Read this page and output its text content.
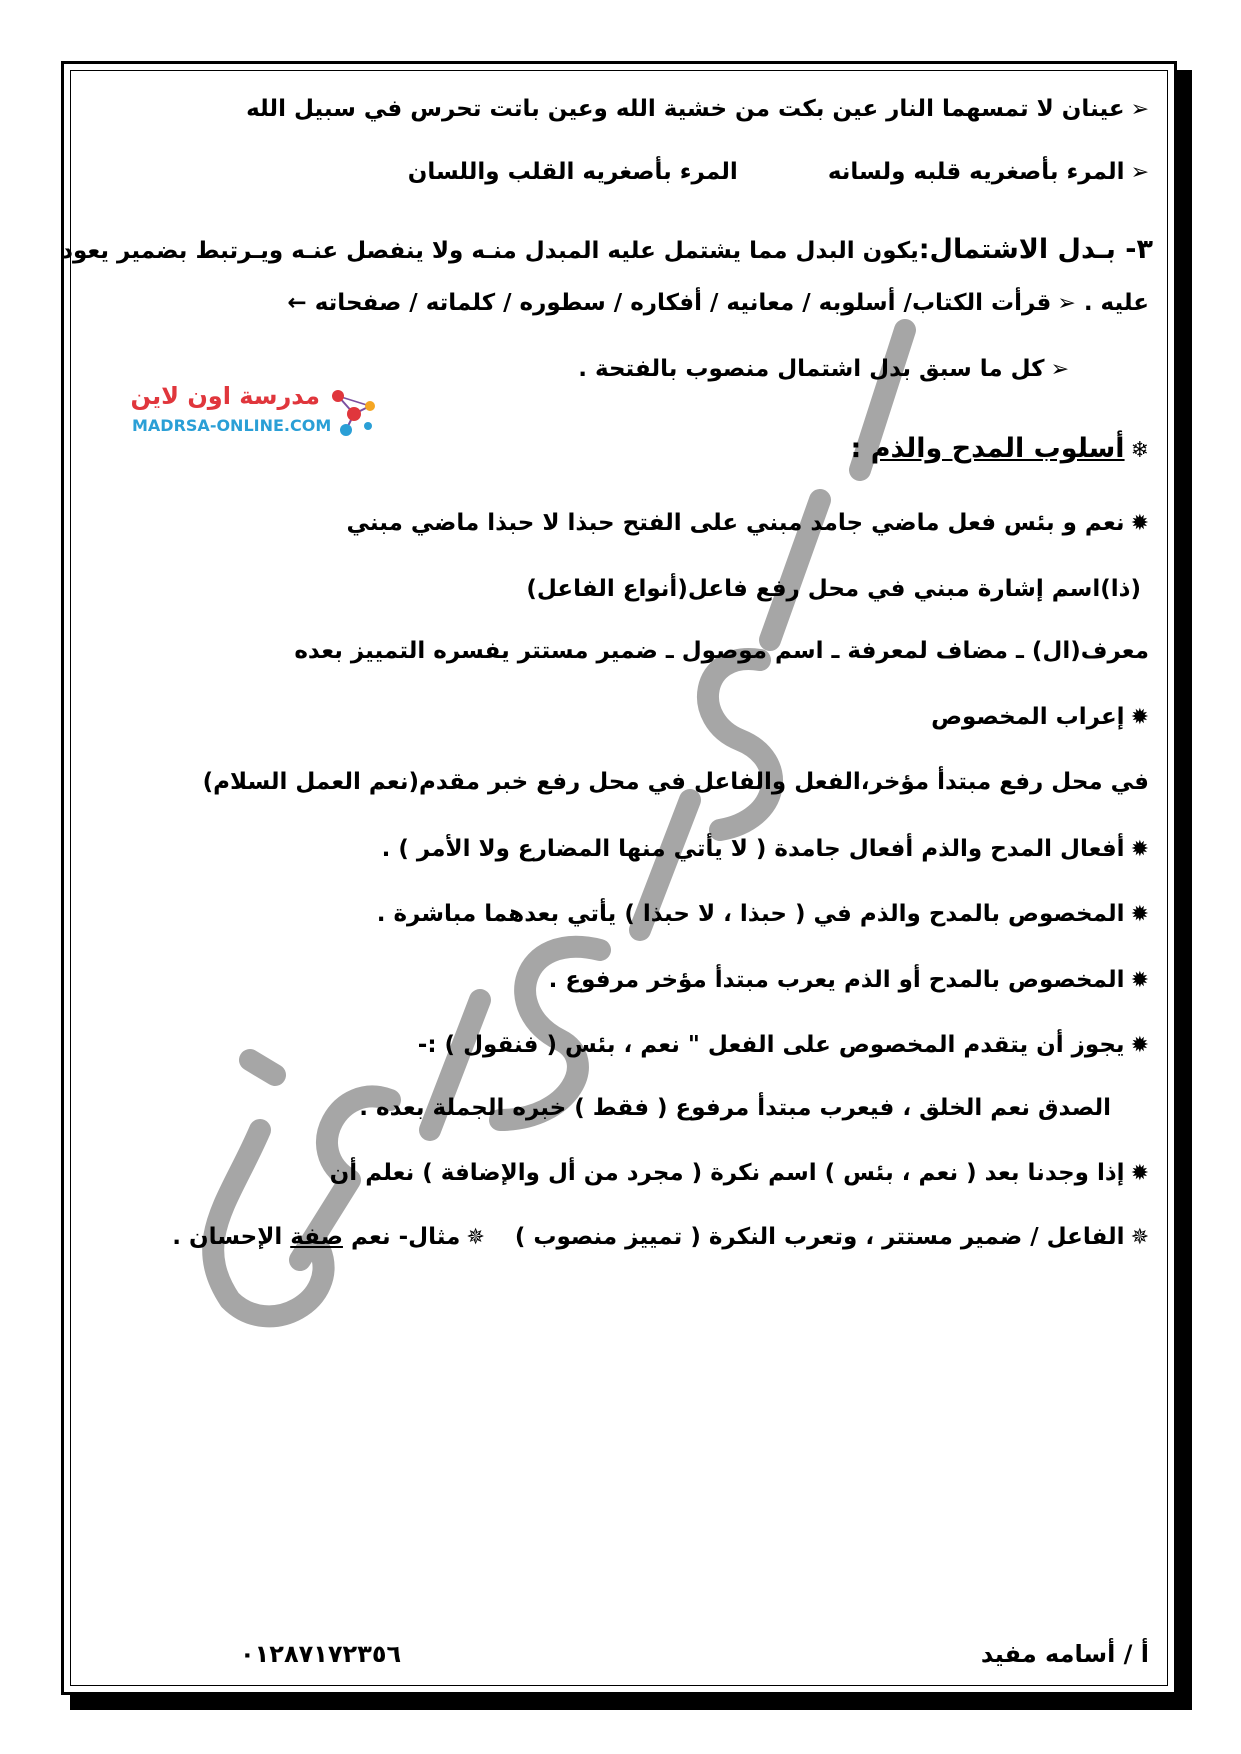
مدرسة اون لاين
MADRSA-ONLINE.COM
➢عينان لا تمسهما النار عين بكت من خشية الله وعين باتت تحرس في سبيل الله
➢المرء بأصغريه قلبه ولسانهالمرء بأصغريه القلب واللسان
٣- بـدل الاشتمال:يكون البدل مما يشتمل عليه المبدل منـه ولا ينفصل عنـه ويـرتبط بضمير يعود
عليه . ➢قرأت الكتاب/ أسلوبه / معانيه / أفكاره / سطوره / كلماته / صفحاته ←
➢كل ما سبق بدل اشتمال منصوب بالفتحة .
❄أسلوب المدح والذم :
✹نعم و بئس فعل ماضي جامد مبني على الفتح حبذا لا حبذا ماضي مبني
(ذا)اسم إشارة مبني في محل رفع فاعل(أنواع الفاعل)
معرف(ال) ـ مضاف لمعرفة ـ اسم موصول ـ ضمير مستتر يفسره التمييز بعده
✹إعراب المخصوص
في محل رفع مبتدأ مؤخر،الفعل والفاعل في محل رفع خبر مقدم(نعم العمل السلام)
✹أفعال المدح والذم أفعال جامدة ( لا يأتي منها المضارع ولا الأمر ) .
✹المخصوص بالمدح والذم في ( حبذا ، لا حبذا ) يأتي بعدهما مباشرة .
✹المخصوص بالمدح أو الذم يعرب مبتدأ مؤخر مرفوع .
✹يجوز أن يتقدم المخصوص على الفعل " نعم ، بئس ( فنقول ) :-
الصدق نعم الخلق ، فيعرب مبتدأ مرفوع ( فقط ) خبره الجملة بعده .
✹إذا وجدنا بعد ( نعم ، بئس ) اسم نكرة ( مجرد من أل والإضافة ) نعلم أن
✵الفاعل / ضمير مستتر ، وتعرب النكرة ( تمييز منصوب )✵مثال- نعم صفة الإحسان .
أ / أسامه مفيد
٠١٢٨٧١٧٢٣٥٦
